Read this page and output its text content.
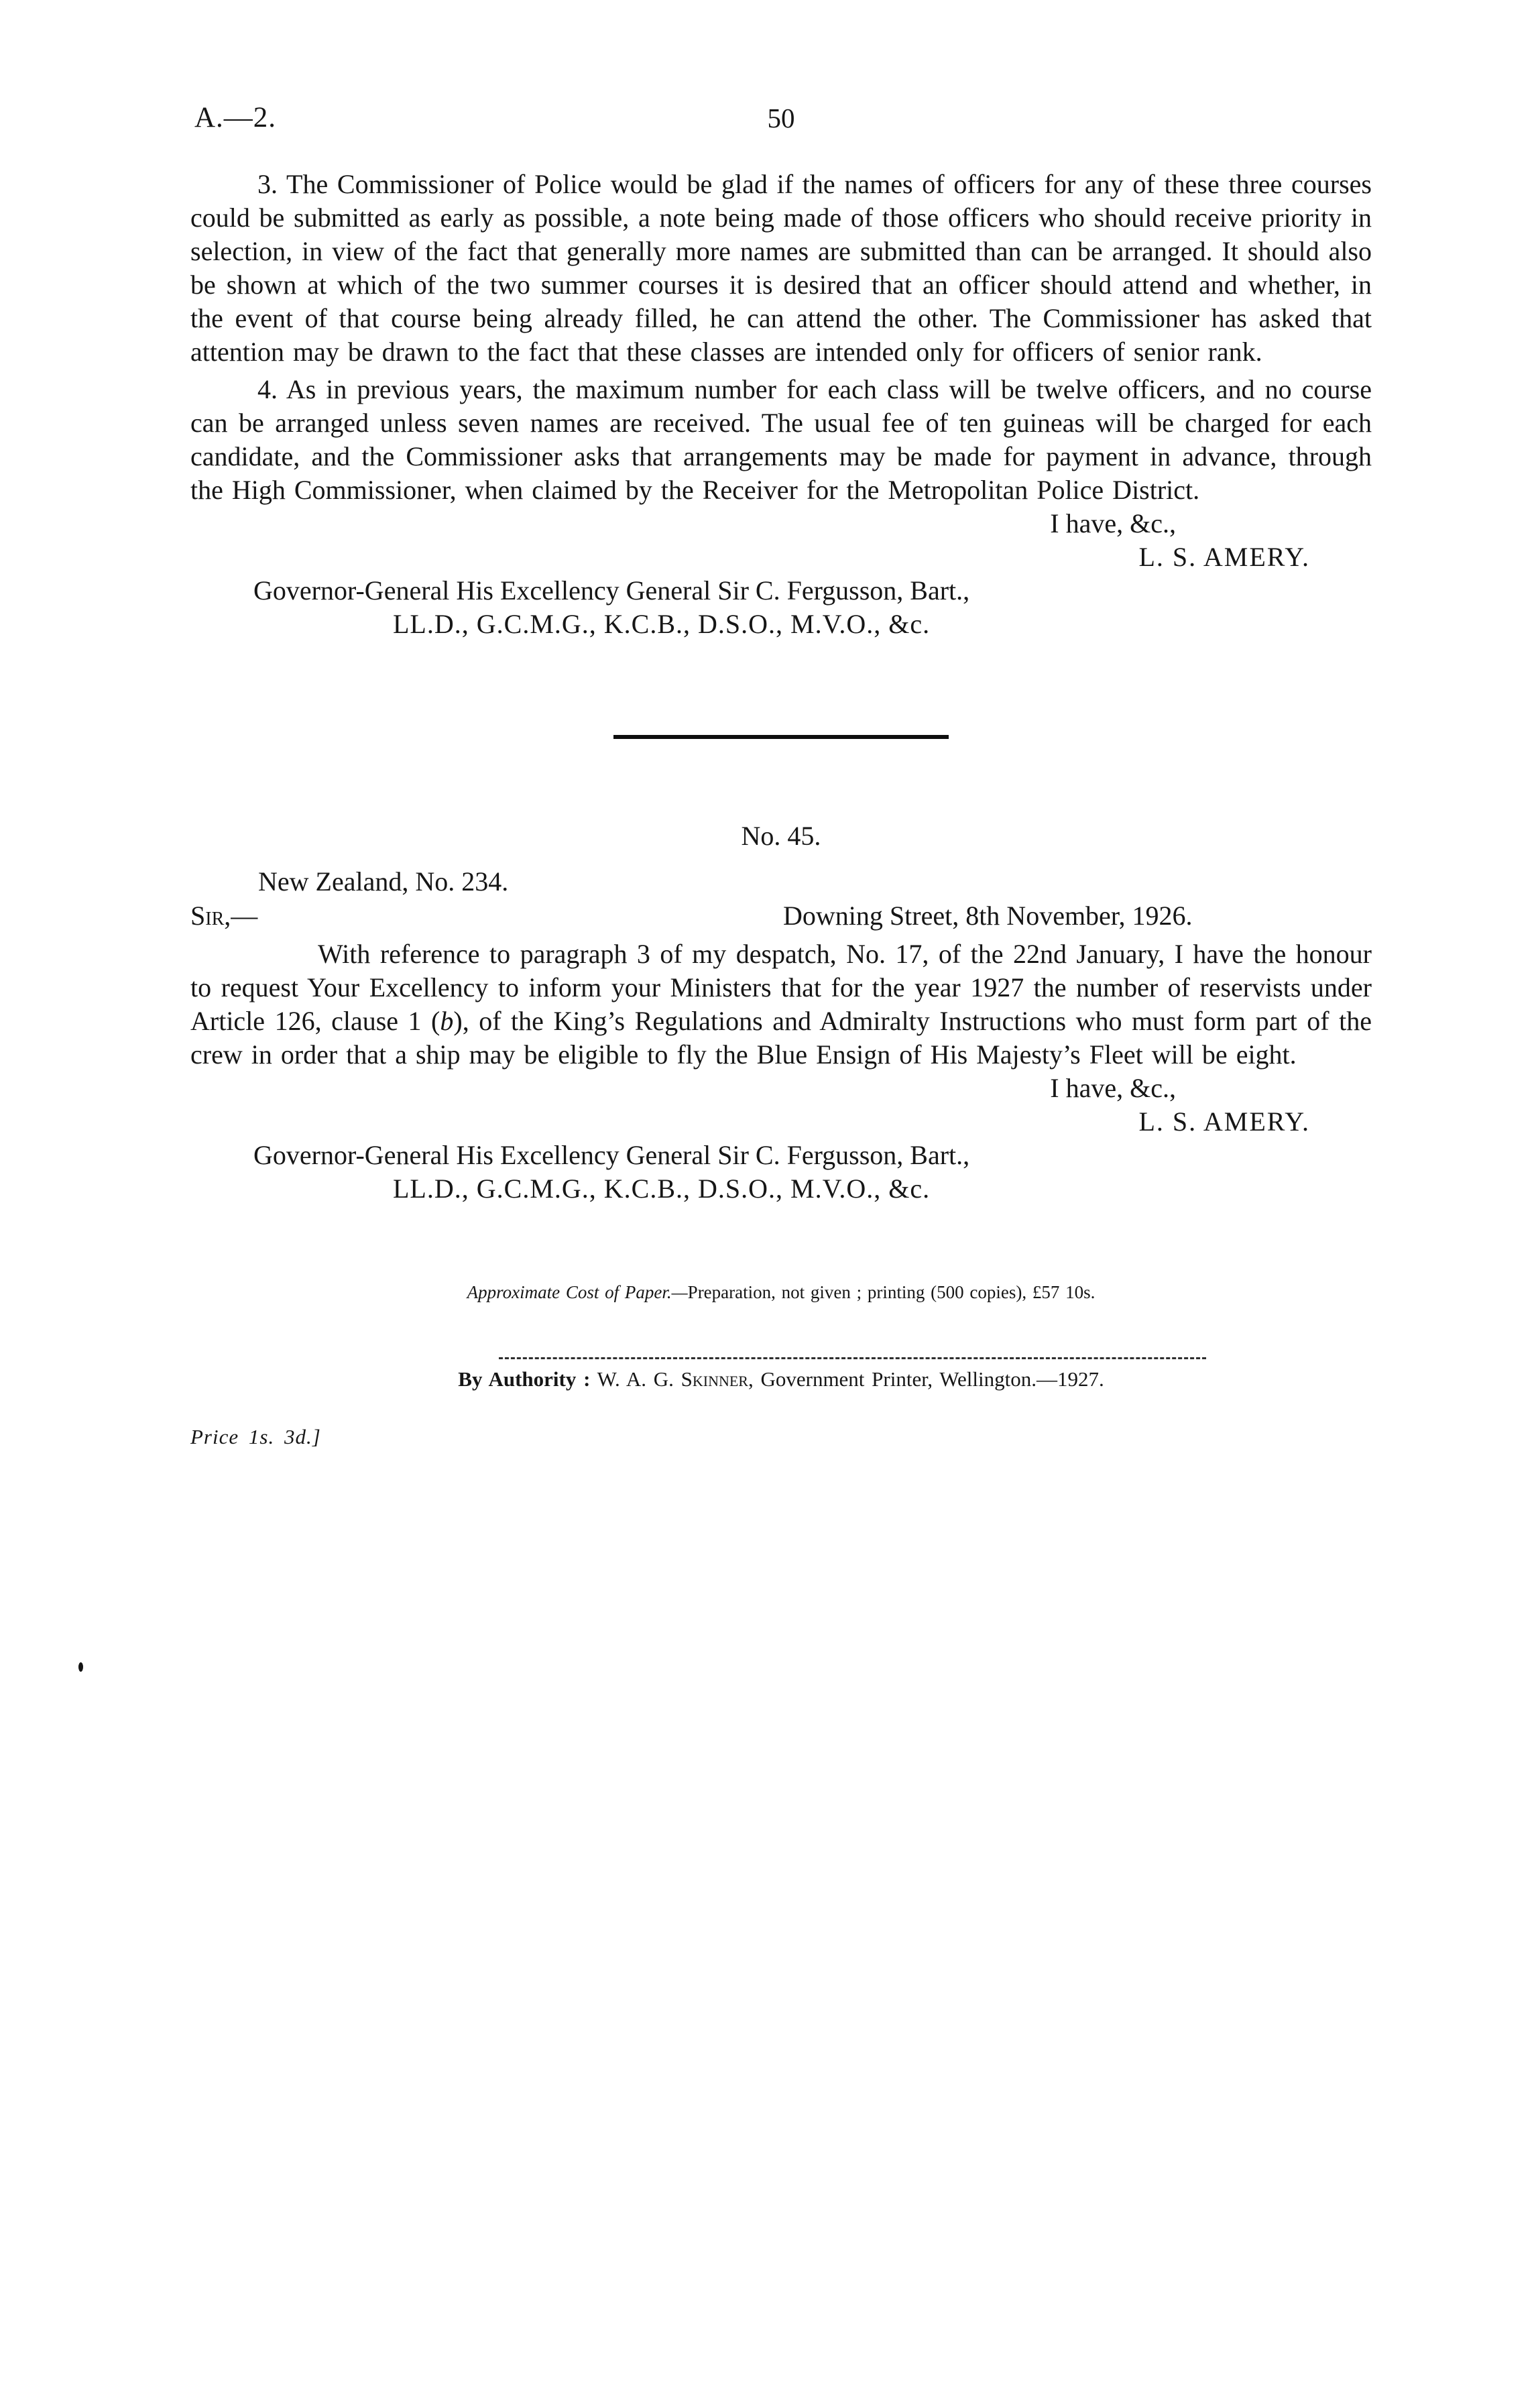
A.—2.	50

3. The Commissioner of Police would be glad if the names of officers for any of these three courses could be submitted as early as possible, a note being made of those officers who should receive priority in selection, in view of the fact that generally more names are submitted than can be arranged. It should also be shown at which of the two summer courses it is desired that an officer should attend and whether, in the event of that course being already filled, he can attend the other. The Commissioner has asked that attention may be drawn to the fact that these classes are intended only for officers of senior rank.

4. As in previous years, the maximum number for each class will be twelve officers, and no course can be arranged unless seven names are received. The usual fee of ten guineas will be charged for each candidate, and the Commissioner asks that arrangements may be made for payment in advance, through the High Commissioner, when claimed by the Receiver for the Metropolitan Police District.

I have, &c.,
L. S. AMERY.
Governor-General His Excellency General Sir C. Fergusson, Bart.,
LL.D., G.C.M.G., K.C.B., D.S.O., M.V.O., &c.
No. 45.
New Zealand, No. 234.
Sir,—	Downing Street, 8th November, 1926.

With reference to paragraph 3 of my despatch, No. 17, of the 22nd January, I have the honour to request Your Excellency to inform your Ministers that for the year 1927 the number of reservists under Article 126, clause 1 (b), of the King’s Regulations and Admiralty Instructions who must form part of the crew in order that a ship may be eligible to fly the Blue Ensign of His Majesty’s Fleet will be eight.

I have, &c.,
L. S. AMERY.
Governor-General His Excellency General Sir C. Fergusson, Bart.,
LL.D., G.C.M.G., K.C.B., D.S.O., M.V.O., &c.
Approximate Cost of Paper.—Preparation, not given ; printing (500 copies), £57 10s.
By Authority : W. A. G. Skinner, Government Printer, Wellington.—1927.
Price 1s. 3d.]
